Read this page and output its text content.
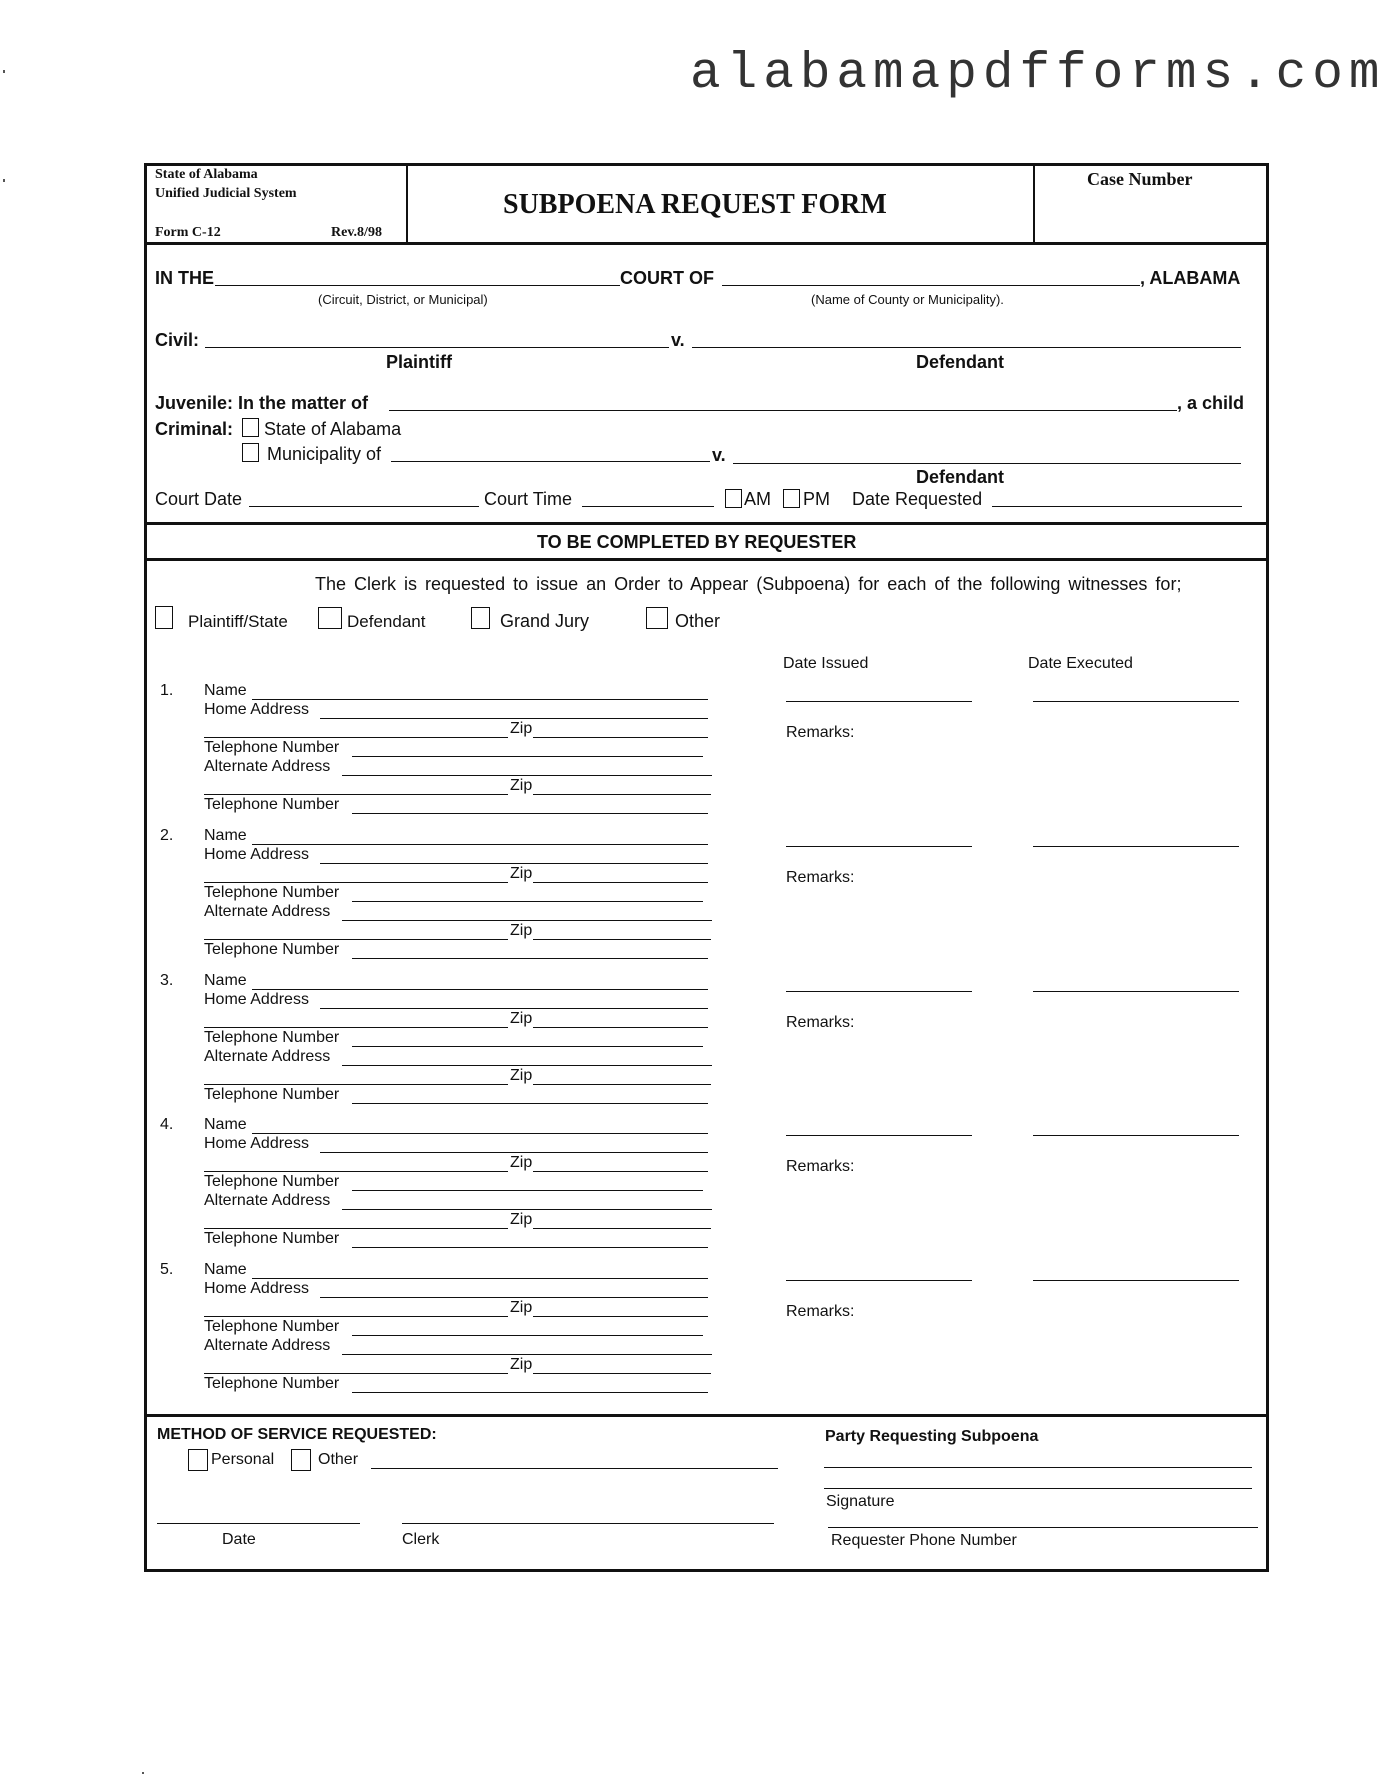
alabamapdfforms.com
State of Alabama
Unified Judicial System
Form C-12	Rev.8/98
SUBPOENA REQUEST FORM
Case Number
IN THE	COURT OF	, ALABAMA
(Circuit, District, or Municipal)	(Name of County or Municipality).
Civil:	v.
Plaintiff	Defendant
Juvenile: In the matter of	, a child
Criminal: State of Alabama
Municipality of	v.
Defendant
Court Date	Court Time	AM PM Date Requested
TO BE COMPLETED BY REQUESTER
The Clerk is requested to issue an Order to Appear (Subpoena) for each of the following witnesses for;
Plaintiff/State	Defendant	Grand Jury	Other
Date Issued	Date Executed
1. Name
Home Address
Zip
Telephone Number
Alternate Address
Zip
Telephone Number
Remarks:
2. Name
Home Address
Zip
Telephone Number
Alternate Address
Zip
Telephone Number
Remarks:
3. Name
Home Address
Zip
Telephone Number
Alternate Address
Zip
Telephone Number
Remarks:
4. Name
Home Address
Zip
Telephone Number
Alternate Address
Zip
Telephone Number
Remarks:
5. Name
Home Address
Zip
Telephone Number
Alternate Address
Zip
Telephone Number
Remarks:
METHOD OF SERVICE REQUESTED:
Personal	Other
Date	Clerk
Party Requesting Subpoena
Signature
Requester Phone Number
